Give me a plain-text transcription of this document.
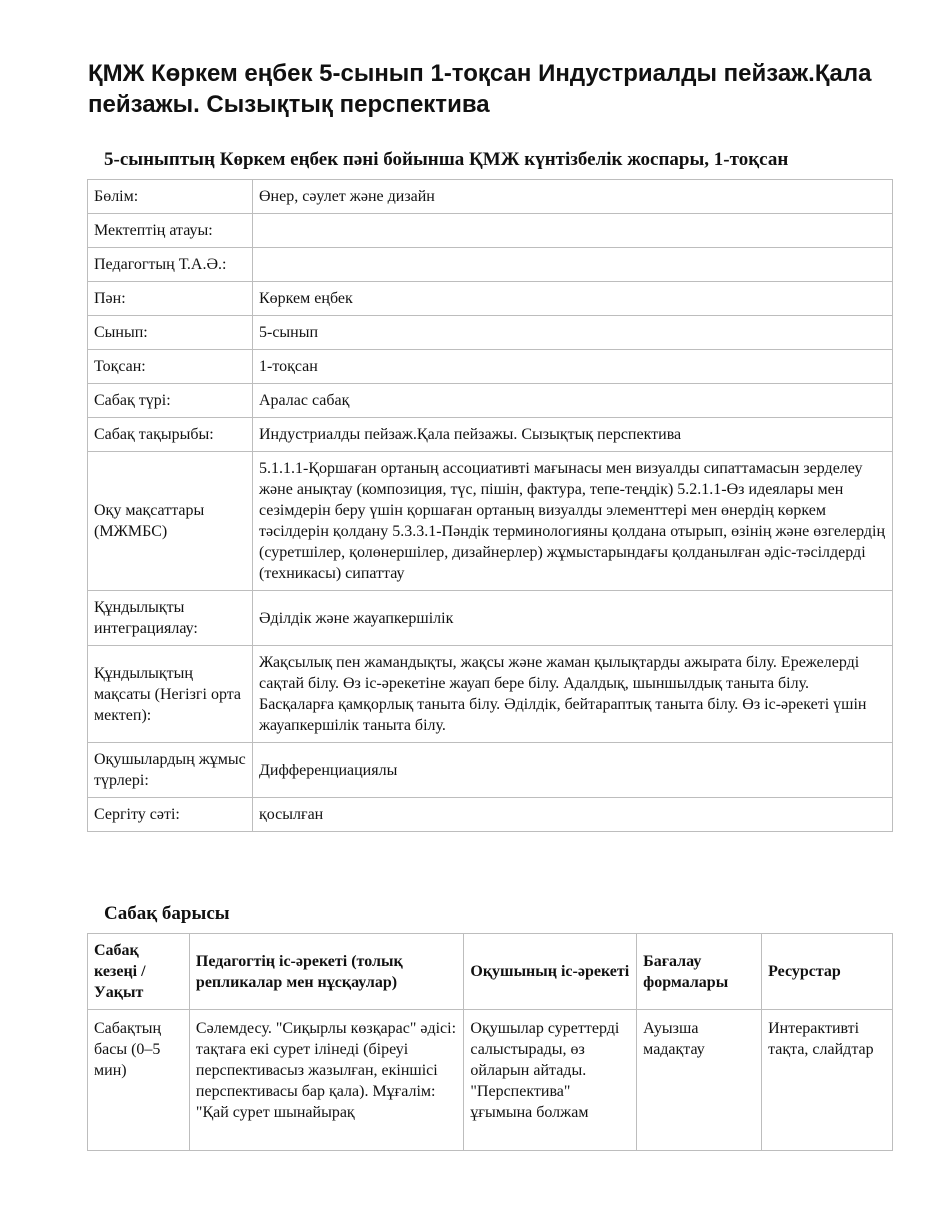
ҚМЖ Көркем еңбек 5-сынып 1-тоқсан Индустриалды пейзаж.Қала пейзажы. Сызықтық перспектива
5-сыныптың Көркем еңбек пәні бойынша ҚМЖ күнтізбелік жоспары, 1-тоқсан
Бөлім:	Өнер, сәулет және дизайн
Мектептің атауы:	
Педагогтың Т.А.Ә.:	
Пән:	Көркем еңбек
Сынып:	5-сынып
Тоқсан:	1-тоқсан
Сабақ түрі:	Аралас сабақ
Сабақ тақырыбы:	Индустриалды пейзаж.Қала пейзажы. Сызықтық перспектива
Оқу мақсаттары (МЖМБС)	5.1.1.1-Қоршаған ортаның ассоциативті мағынасы мен визуалды сипаттамасын зерделеу және анықтау (композиция, түс, пішін, фактура, тепе-теңдік) 5.2.1.1-Өз идеялары мен сезімдерін беру үшін қоршаған ортаның визуалды элементтері мен өнердің көркем тәсілдерін қолдану 5.3.3.1-Пәндік терминологияны қолдана отырып, өзінің және өзгелердің (суретшілер, қолөнершілер, дизайнерлер) жұмыстарындағы қолданылған әдіс-тәсілдерді (техникасы) сипаттау
Құндылықты интеграциялау:	Әділдік және жауапкершілік
Құндылықтың мақсаты (Негізгі орта мектеп):	Жақсылық пен жамандықты, жақсы және жаман қылықтарды ажырата білу. Ережелерді сақтай білу. Өз іс-әрекетіне жауап бере білу. Адалдық, шыншылдық таныта білу. Басқаларға қамқорлық таныта білу. Әділдік, бейтараптық таныта білу. Өз іс-әрекеті үшін жауапкершілік таныта білу.
Оқушылардың жұмыс түрлері:	Дифференциациялы
Сергіту сәті:	қосылған
Сабақ барысы
Сабақ кезеңі / Уақыт	Педагогтің іс-әрекеті (толық репликалар мен нұсқаулар)	Оқушының іс-әрекеті	Бағалау формалары	Ресурстар

Сабақтың басы (0–5 мин)	Сәлемдесу. "Сиқырлы көзқарас" әдісі: тақтаға екі сурет ілінеді (біреуі перспективасыз жазылған, екіншісі перспективасы бар қала). Мұғалім: "Қай сурет шынайырақ	Оқушылар суреттерді салыстырады, өз ойларын айтады. "Перспектива" ұғымына болжам	Ауызша мадақтау	Интерактивті тақта, слайдтар
